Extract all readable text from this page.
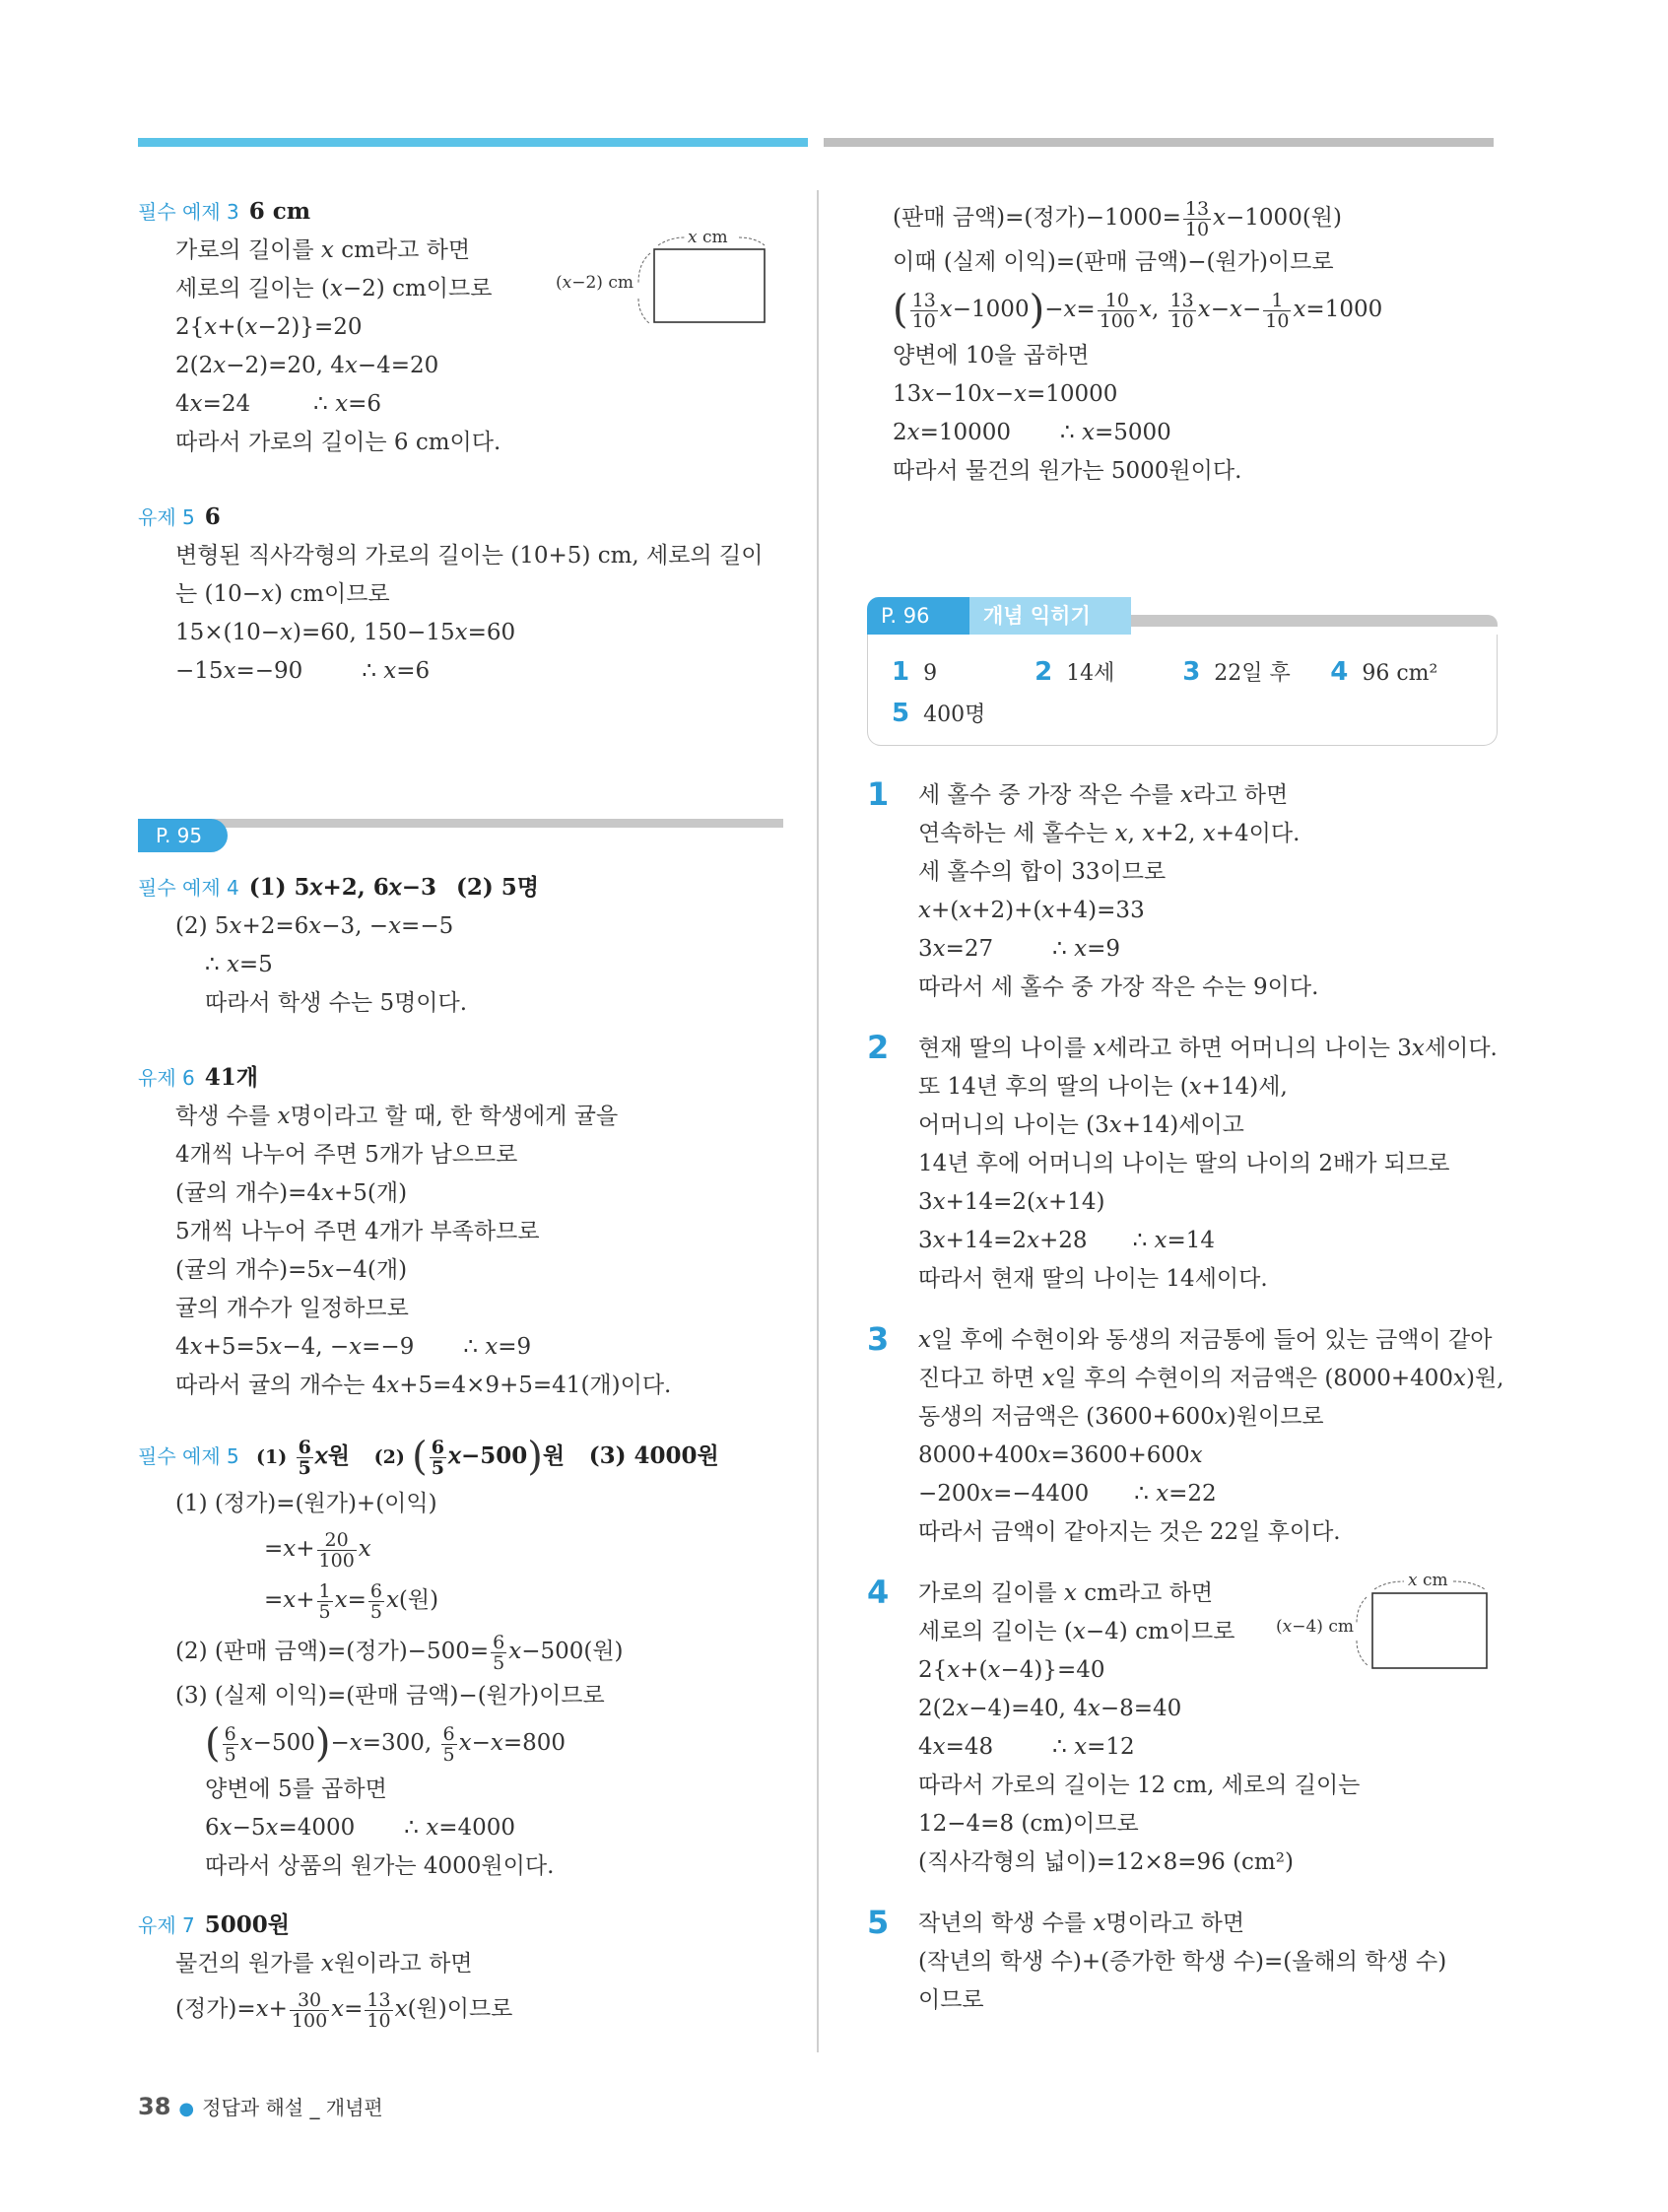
필수 예제 3 6 cm
가로의 길이를 𝑥 cm라고 하면
세로의 길이는 (𝑥−2) cm이므로
2{𝑥+(𝑥−2)}=20
2(2𝑥−2)=20, 4𝑥−4=20
4𝑥=24	∴ 𝑥=6
따라서 가로의 길이는 6 cm이다.
𝑥 cm
(𝑥−2) cm
유제 5 6
변형된 직사각형의 가로의 길이는 (10+5) cm, 세로의 길이
는 (10−𝑥) cm이므로
15×(10−𝑥)=60, 150−15𝑥=60
−15𝑥=−90	∴ 𝑥=6
P. 95
필수 예제 4 (1) 5𝑥+2, 6𝑥−3 (2) 5명
(2) 5𝑥+2=6𝑥−3, −𝑥=−5
∴ 𝑥=5
따라서 학생 수는 5명이다.
유제 6 41개
학생 수를 𝑥명이라고 할 때, 한 학생에게 귤을
4개씩 나누어 주면 5개가 남으므로
(귤의 개수)=4𝑥+5(개)
5개씩 나누어 주면 4개가 부족하므로
(귤의 개수)=5𝑥−4(개)
귤의 개수가 일정하므로
4𝑥+5=5𝑥−4, −𝑥=−9 ∴ 𝑥=9
따라서 귤의 개수는 4𝑥+5=4×9+5=41(개)이다.
필수 예제 5 $(1) \frac{6}{5}$ 𝑥원 (2) ( $\frac{6}{5}$ 𝑥−500)원 (3) 4000원
(1) (정가)=(원가)+(이익)
=𝑥+ $\frac{20}{100}$ 𝑥
=𝑥+ $\frac{1}{5}$ 𝑥= $\frac{6}{5}$ 𝑥(원)
(2) (판매 금액)=(정가)$-500= \frac{6}{5}$ 𝑥−500(원)
(3) (실제 이익)=(판매 금액)−(원가)이므로
( $\frac{6}{5}$ 𝑥−500)−𝑥=300, $\frac{6}{5}$ 𝑥−𝑥=800
양변에 5를 곱하면
6𝑥−5𝑥=4000 ∴ 𝑥=4000
따라서 상품의 원가는 4000원이다.
유제 7 5000원
물건의 원가를 𝑥원이라고 하면
(정가)=𝑥+ $\frac{30}{100}$ 𝑥= $\frac{13}{10}$ 𝑥(원)이므로
(판매 금액)=(정가)$-1000= \frac{13}{10}$ 𝑥−1000(원)
이때 (실제 이익)=(판매 금액)−(원가)이므로
( $\frac{13}{10}$ 𝑥−1000)−𝑥= $\frac{10}{100}$ 𝑥, $\frac{13}{10}$ 𝑥−𝑥− $\frac{1}{10}$ 𝑥=1000
양변에 10을 곱하면
13𝑥−10𝑥−𝑥=10000
2𝑥=10000 ∴ 𝑥=5000
따라서 물건의 원가는 5000원이다.
P. 96	개념 익히기
1 9	2 14세	3 22일 후 4 96 cm²
5 400명
1 세 홀수 중 가장 작은 수를 𝑥라고 하면
연속하는 세 홀수는 𝑥, 𝑥+2, 𝑥+4이다.
세 홀수의 합이 33이므로
𝑥+(𝑥+2)+(𝑥+4)=33
3𝑥=27	∴ 𝑥=9
따라서 세 홀수 중 가장 작은 수는 9이다.
2 현재 딸의 나이를 𝑥세라고 하면 어머니의 나이는 3𝑥세이다.
또 14년 후의 딸의 나이는 (𝑥+14)세,
어머니의 나이는 (3𝑥+14)세이고
14년 후에 어머니의 나이는 딸의 나이의 2배가 되므로
3𝑥+14=2(𝑥+14)
3𝑥+14=2𝑥+28 ∴ 𝑥=14
따라서 현재 딸의 나이는 14세이다.
3 𝑥일 후에 수현이와 동생의 저금통에 들어 있는 금액이 같아
진다고 하면 𝑥일 후의 수현이의 저금액은 (8000+400𝑥)원,
동생의 저금액은 (3600+600𝑥)원이므로
8000+400𝑥=3600+600𝑥
−200𝑥=−4400 ∴ 𝑥=22
따라서 금액이 같아지는 것은 22일 후이다.
4 가로의 길이를 𝑥 cm라고 하면
세로의 길이는 (𝑥−4) cm이므로
2{𝑥+(𝑥−4)}=40
2(2𝑥−4)=40, 4𝑥−8=40
4𝑥=48	∴ 𝑥=12
따라서 가로의 길이는 12 cm, 세로의 길이는
12−4=8 (cm)이므로
(직사각형의 넓이)=12×8=96 (cm²)
𝑥 cm
(𝑥−4) cm
5 작년의 학생 수를 𝑥명이라고 하면
(작년의 학생 수)+(증가한 학생 수)=(올해의 학생 수)
이므로
38 ● 정답과 해설 _ 개념편
